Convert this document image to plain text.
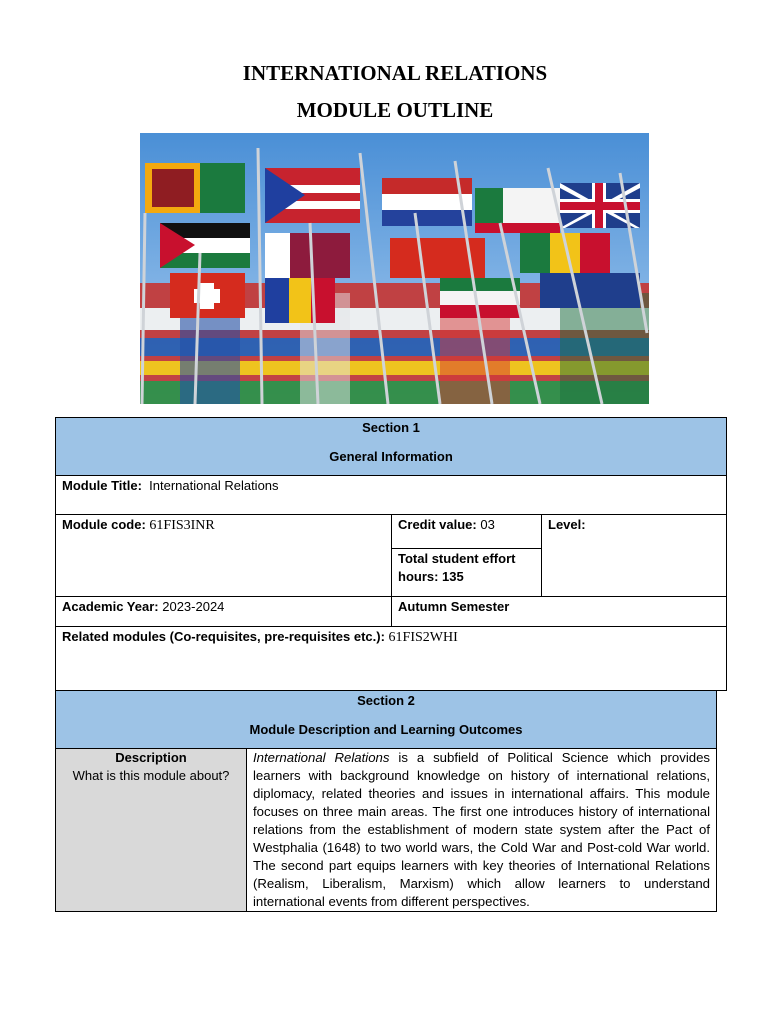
INTERNATIONAL RELATIONS
MODULE OUTLINE
Section 1
General Information		

Module Title: International Relations		
Module code: 61FIS3INR	Credit value: 03	Level:
	Total student effort hours: 135	
Academic Year: 2023-2024	Autumn Semester	
Related modules (Co-requisites, pre-requisites etc.): 61FIS2WHI		
Section 2
Module Description and Learning Outcomes

Description
What is this module about?	International Relations is a subfield of Political Science which provides learners with background knowledge on history of international relations, diplomacy, related theories and issues in international affairs. This module focuses on three main areas. The first one introduces history of international relations from the establishment of modern state system after the Pact of Westphalia (1648) to two world wars, the Cold War and Post-cold War world. The second part equips learners with key theories of International Relations (Realism, Liberalism, Marxism) which allow learners to understand international events from different perspectives.
